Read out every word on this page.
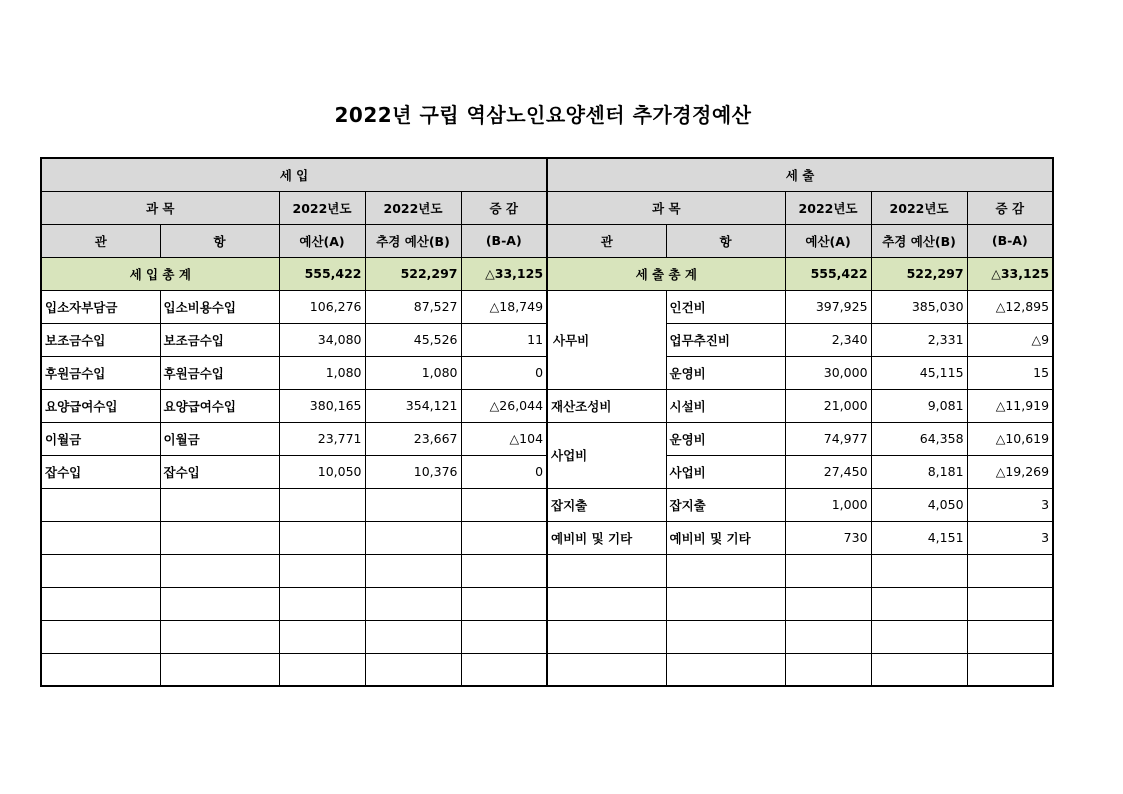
2022년 구립 역삼노인요양센터 추가경정예산
세 입					세 출				
과 목		2022년도	2022년도	증 감	과 목		2022년도	2022년도	증 감
관	항	예산(A)	추경 예산(B)	(B-A)	관	항	예산(A)	추경 예산(B)	(B-A)
세 입 총 계		555,422	522,297	△33,125	세 출 총 계		555,422	522,297	△33,125
입소자부담금	입소비용수입	106,276	87,527	△18,749	사무비	인건비	397,925	385,030	△12,895
보조금수입	보조금수입	34,080	45,526	11		업무추진비	2,340	2,331	△9
후원금수입	후원금수입	1,080	1,080	0		운영비	30,000	45,115	15
요양급여수입	요양급여수입	380,165	354,121	△26,044	재산조성비	시설비	21,000	9,081	△11,919
이월금	이월금	23,771	23,667	△104	사업비	운영비	74,977	64,358	△10,619
잡수입	잡수입	10,050	10,376	0		사업비	27,450	8,181	△19,269
					잡지출	잡지출	1,000	4,050	3
					예비비 및 기타	예비비 및 기타	730	4,151	3
